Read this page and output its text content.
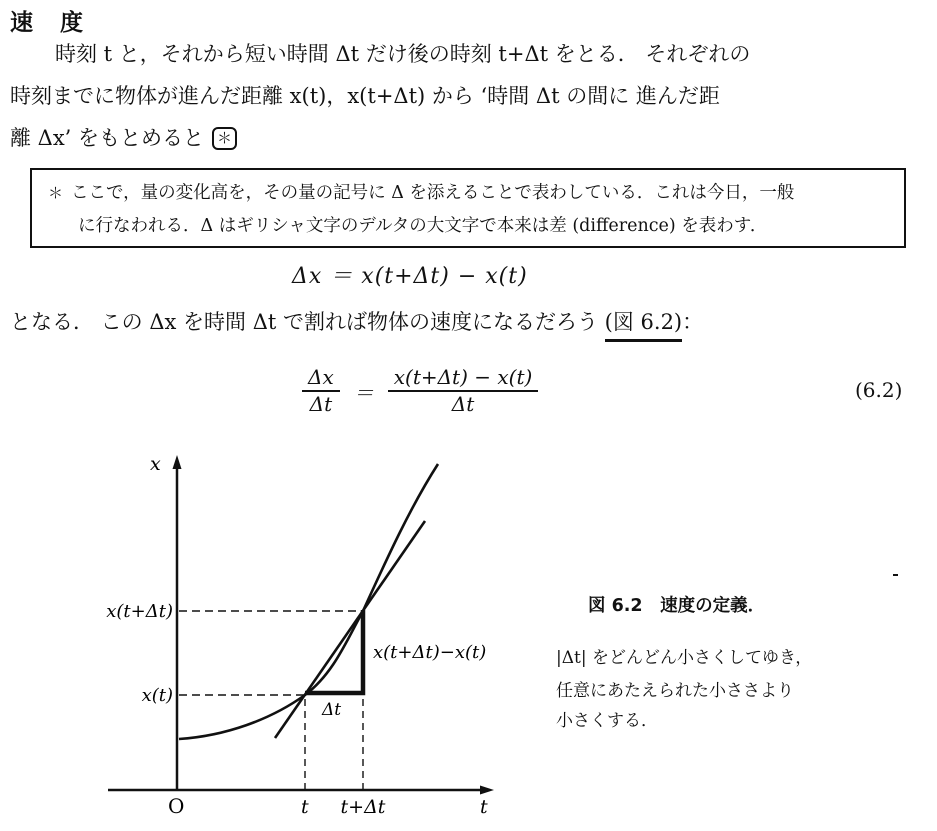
速　度
時刻 t と，それから短い時間 Δt だけ後の時刻 t+Δt をとる． それぞれの
時刻までに物体が進んだ距離 x(t)，x(t+Δt) から ‘時間 Δt の間に 進んだ距
離 Δx’ をもとめると ＊
＊ ここで，量の変化高を，その量の記号に Δ を添えることで表わしている．これは今日，一般
に行なわれる．Δ はギリシャ文字のデルタの大文字で本来は差 (difference) を表わす．
Δx ＝ x(t+Δt) − x(t)
となる． この Δx を時間 Δt で割れば物体の速度になるだろう (図 6.2)：
$\frac{\Delta x}{\Delta t} = \frac{x(t+\Delta t) - x(t)}{\Delta t}$	(6.2)
x
O	t t+Δt	t
x(t)
x(t+Δt)
Δt
x(t+Δt)−x(t)
図 6.2　速度の定義．
|Δt| をどんどん小さくしてゆき，
任意にあたえられた小ささより
小さくする．
